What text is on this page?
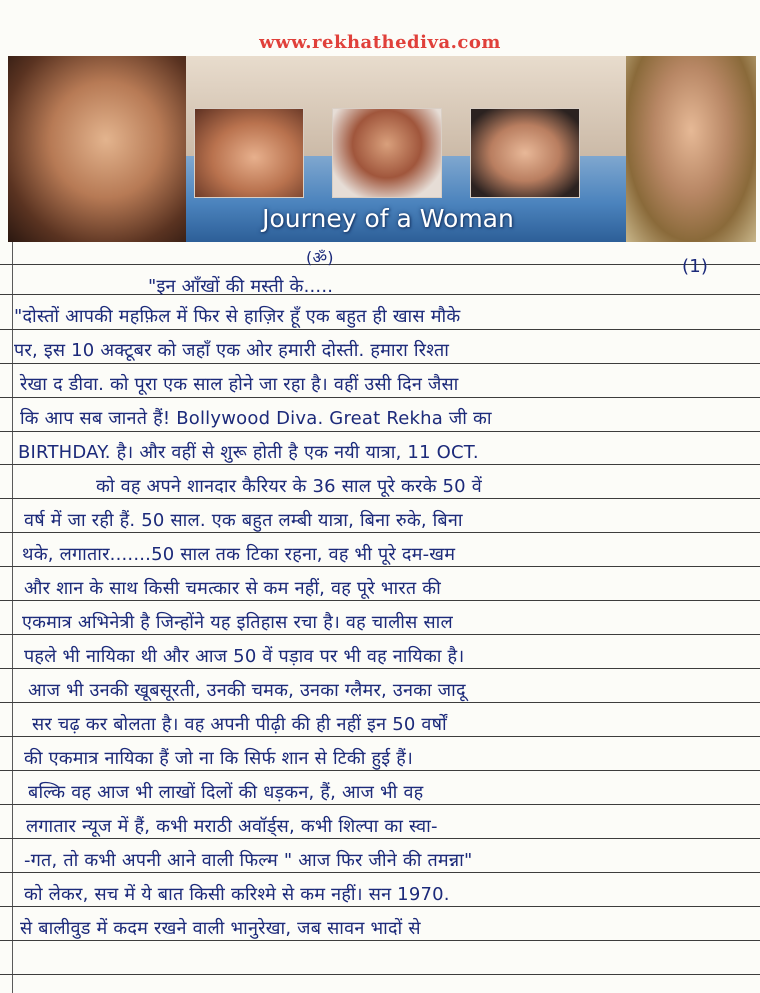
www.rekhathediva.com
Journey of a Woman
(ॐ)	(1)
"इन आँखों की मस्ती के.....
"दोस्तों आपकी महफ़िल में फिर से हाज़िर हूँ एक बहुत ही खास मौके
पर, इस 10 अक्टूबर को जहाँ एक ओर हमारी दोस्ती. हमारा रिश्ता
रेखा द डीवा. को पूरा एक साल होने जा रहा है। वहीं उसी दिन जैसा
कि आप सब जानते हैं! Bollywood Diva. Great Rekha जी का
BIRTHDAY. है। और वहीं से शुरू होती है एक नयी यात्रा, 11 OCT.
को वह अपने शानदार कैरियर के 36 साल पूरे करके 50 वें
वर्ष में जा रही हैं. 50 साल. एक बहुत लम्बी यात्रा, बिना रुके, बिना
थके, लगातार.......50 साल तक टिका रहना, वह भी पूरे दम-खम
और शान के साथ किसी चमत्कार से कम नहीं, वह पूरे भारत की
एकमात्र अभिनेत्री है जिन्होंने यह इतिहास रचा है। वह चालीस साल
पहले भी नायिका थी और आज 50 वें पड़ाव पर भी वह नायिका है।
आज भी उनकी खूबसूरती, उनकी चमक, उनका ग्लैमर, उनका जादू
सर चढ़ कर बोलता है। वह अपनी पीढ़ी की ही नहीं इन 50 वर्षों
की एकमात्र नायिका हैं जो ना कि सिर्फ शान से टिकी हुई हैं।
बल्कि वह आज भी लाखों दिलों की धड़कन, हैं, आज भी वह
लगातार न्यूज में हैं, कभी मराठी अवॉर्ड्स, कभी शिल्पा का स्वा-
-गत, तो कभी अपनी आने वाली फिल्म " आज फिर जीने की तमन्ना"
को लेकर, सच में ये बात किसी करिश्मे से कम नहीं। सन 1970.
से बालीवुड में कदम रखने वाली भानुरेखा, जब सावन भादों से
